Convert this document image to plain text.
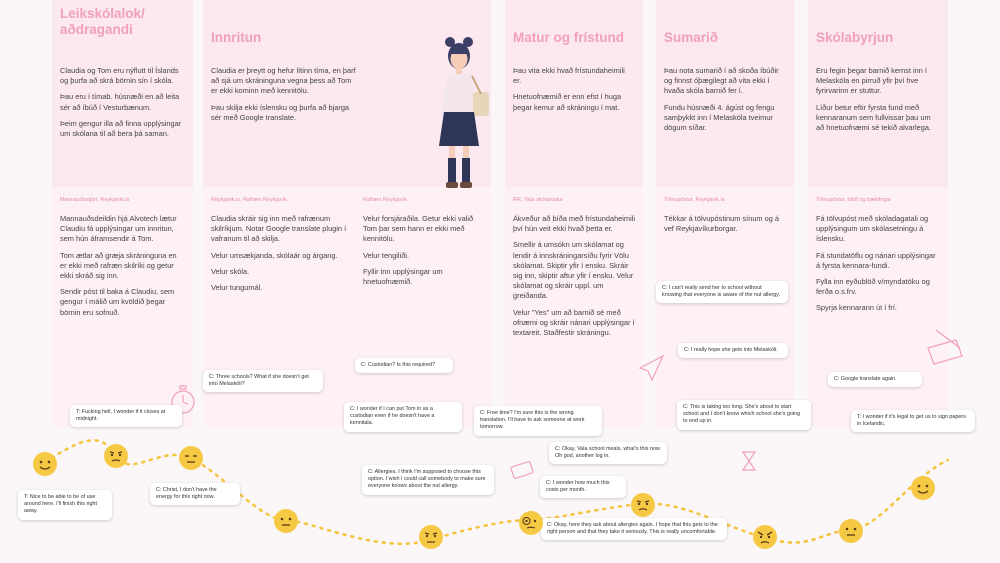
Leikskólalok/
aðdragandi

Claudia og Tom eru nýflutt til Íslands og þurfa að skrá börnin sín í skóla.

Þau eru í tímab. húsnæði en að leita sér að íbúð í Vesturbænum.

Þeim gengur illa að finna upplýsingar um skólana til að bera þá saman.

Mannauðsstjóri, Reykjavik.is

Mannauðsdeildin hjá Alvotech lætur Claudiu fá upplýsingar um innritun, sem hún áframsendir á Tom.

Tom ætlar að græja skráninguna en er ekki með rafræn skilríki og getur ekki skráð sig inn.

Sendir póst til baka á Claudiu, sem gengur í málið um kvöldið þegar börnin eru sofnuð.

Innritun

Claudia er þreytt og hefur lítinn tíma, en þarf að sjá um skráninguna vegna þess að Tom er ekki kominn með kennitölu.

Þau skilja ekki íslensku og þurfa að bjarga sér með Google translate.

Reykjavik.is, Rafræn Reykjavík

Claudia skráir sig inn með rafrænum skilríkjum. Notar Google translate plugin í vafranum til að skilja.

Velur umsækjanda, skólaár og árgang.

Velur skóla.

Velur tungumál.

Rafræn Reykjavík

Velur forsjáraðila. Getur ekki valið Tom þar sem hann er ekki með kennitölu.

Velur tengiliði.

Fyllir inn upplýsingar um hnetuofnæmið.

Matur og frístund

Þau vita ekki hvað frístundaheimili er.

Hnetuofnæmið er enn efst í huga þegar kemur að skráningu í mat.

RR, Vala skólamatur

Ákveður að bíða með frístundaheimili því hún veit ekki hvað þetta er.

Smellir á umsókn um skólamat og lendir á innskráningarsíðu fyrir Völu skólamat. Skiptir yfir í ensku. Skráir sig inn, skiptir aftur yfir í ensku. Velur skólamat og skráir uppl. um greiðanda.

Velur "Yes" um að barnið sé með ofnæmi og skráir nánari upplýsingar í textareit. Staðfestir skráningu.

Sumarið

Þau nota sumarið í að skoða íbúðir og finnst óþægilegt að vita ekki í hvaða skóla barnið fer í.

Fundu húsnæði 4. ágúst og fengu samþykkt inn í Melaskóla tveimur dögum síðar.

Tölvupóstur, Reykjavik.is

Tékkar á tölvupóstinum sínum og á vef Reykjavíkurborgar.

Skólabyrjun

Eru fegin þegar barnið kemst inn í Melaskóla en pirruð yfir því hve fyrirvarinn er stuttur.

Líður betur eftir fyrsta fund með kennaranum sem fullvissar þau um að hnetuofnæmi sé tekið alvarlega.

Tölvupóstur, blöð og bæklingar

Fá tölvupóst með skóladagatali og upplýsingum um skólasetningu á íslensku.

Fá stundatöflu og nánari upplýsingar á fyrsta kennara-fundi.

Fylla inn eyðublöð v/myndatöku og ferða o.s.frv.

Spyrja kennarann út í frí.

T: Fucking hell, I wonder if it closes at midnight.
T: Nice to be able to be of use around here. I'll finish this right away.
C: Christ, I don't have the energy for this right now.
C: Three schools? What if she doesn't get into Melaskóli?
C: Custodian? Is this required?
C: I wonder if I can put Tom in as a custodian even if he doesn't have a kennitala.
C: Allergies. I think I'm supposed to choose this option. I wish I could call somebody to make sure everyone knows about the nut allergy.
C: Free time? I'm sure this is the wrong translation. I'll have to ask someone at work tomorrow.
C: Okay, Vala school meals, what's this now. Oh god, another log in.
C: I wonder how much this costs per month.
C: Okay, here they ask about allergies again. I hope that this gets to the right person and that they take it seriously. This is really uncomfortable.
C: I can't really send her to school without knowing that everyone is aware of the nut allergy.
C: I really hope she gets into Melaskóli.
C: This is taking too long. She's about to start school and I don't know which school she's going to end up in.
C: Google translate again.
T: I wonder if it's legal to get us to sign papers in Icelandic.
